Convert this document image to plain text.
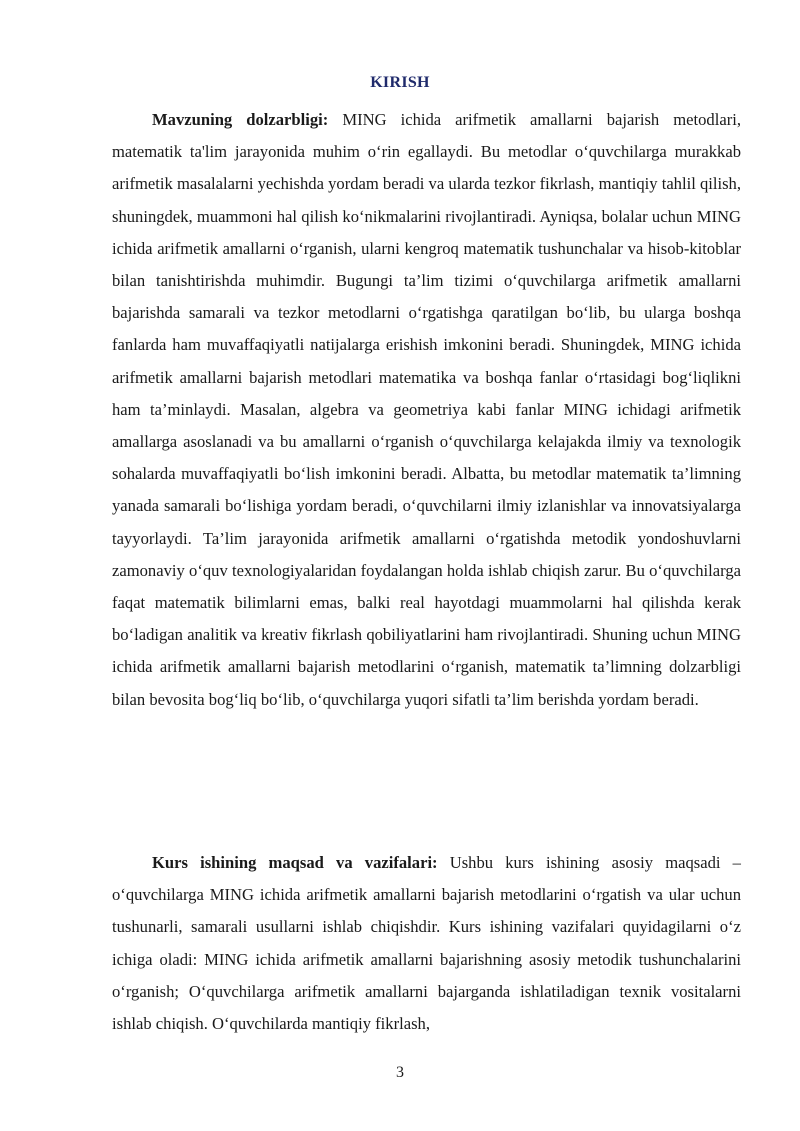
KIRISH

Mavzuning dolzarbligi: MING ichida arifmetik amallarni bajarish metodlari, matematik ta'lim jarayonida muhim o‘rin egallaydi. Bu metodlar o‘quvchilarga murakkab arifmetik masalalarni yechishda yordam beradi va ularda tezkor fikrlash, mantiqiy tahlil qilish, shuningdek, muammoni hal qilish ko‘nikmalarini rivojlantiradi. Ayniqsa, bolalar uchun MING ichida arifmetik amallarni o‘rganish, ularni kengroq matematik tushunchalar va hisob-kitoblar bilan tanishtirishda muhimdir. Bugungi ta’lim tizimi o‘quvchilarga arifmetik amallarni bajarishda samarali va tezkor metodlarni o‘rgatishga qaratilgan bo‘lib, bu ularga boshqa fanlarda ham muvaffaqiyatli natijalarga erishish imkonini beradi. Shuningdek, MING ichida arifmetik amallarni bajarish metodlari matematika va boshqa fanlar o‘rtasidagi bog‘liqlikni ham ta’minlaydi. Masalan, algebra va geometriya kabi fanlar MING ichidagi arifmetik amallarga asoslanadi va bu amallarni o‘rganish o‘quvchilarga kelajakda ilmiy va texnologik sohalarda muvaffaqiyatli bo‘lish imkonini beradi. Albatta, bu metodlar matematik ta’limning yanada samarali bo‘lishiga yordam beradi, o‘quvchilarni ilmiy izlanishlar va innovatsiyalarga tayyorlaydi. Ta’lim jarayonida arifmetik amallarni o‘rgatishda metodik yondoshuvlarni zamonaviy o‘quv texnologiyalaridan foydalangan holda ishlab chiqish zarur. Bu o‘quvchilarga faqat matematik bilimlarni emas, balki real hayotdagi muammolarni hal qilishda kerak bo‘ladigan analitik va kreativ fikrlash qobiliyatlarini ham rivojlantiradi. Shuning uchun MING ichida arifmetik amallarni bajarish metodlarini o‘rganish, matematik ta’limning dolzarbligi bilan bevosita bog‘liq bo‘lib, o‘quvchilarga yuqori sifatli ta’lim berishda yordam beradi.

Kurs ishining maqsad va vazifalari: Ushbu kurs ishining asosiy maqsadi – o‘quvchilarga MING ichida arifmetik amallarni bajarish metodlarini o‘rgatish va ular uchun tushunarli, samarali usullarni ishlab chiqishdir. Kurs ishining vazifalari quyidagilarni o‘z ichiga oladi: MING ichida arifmetik amallarni bajarishning asosiy metodik tushunchalarini o‘rganish; O‘quvchilarga arifmetik amallarni bajarganda ishlatiladigan texnik vositalarni ishlab chiqish. O‘quvchilarda mantiqiy fikrlash,

3
